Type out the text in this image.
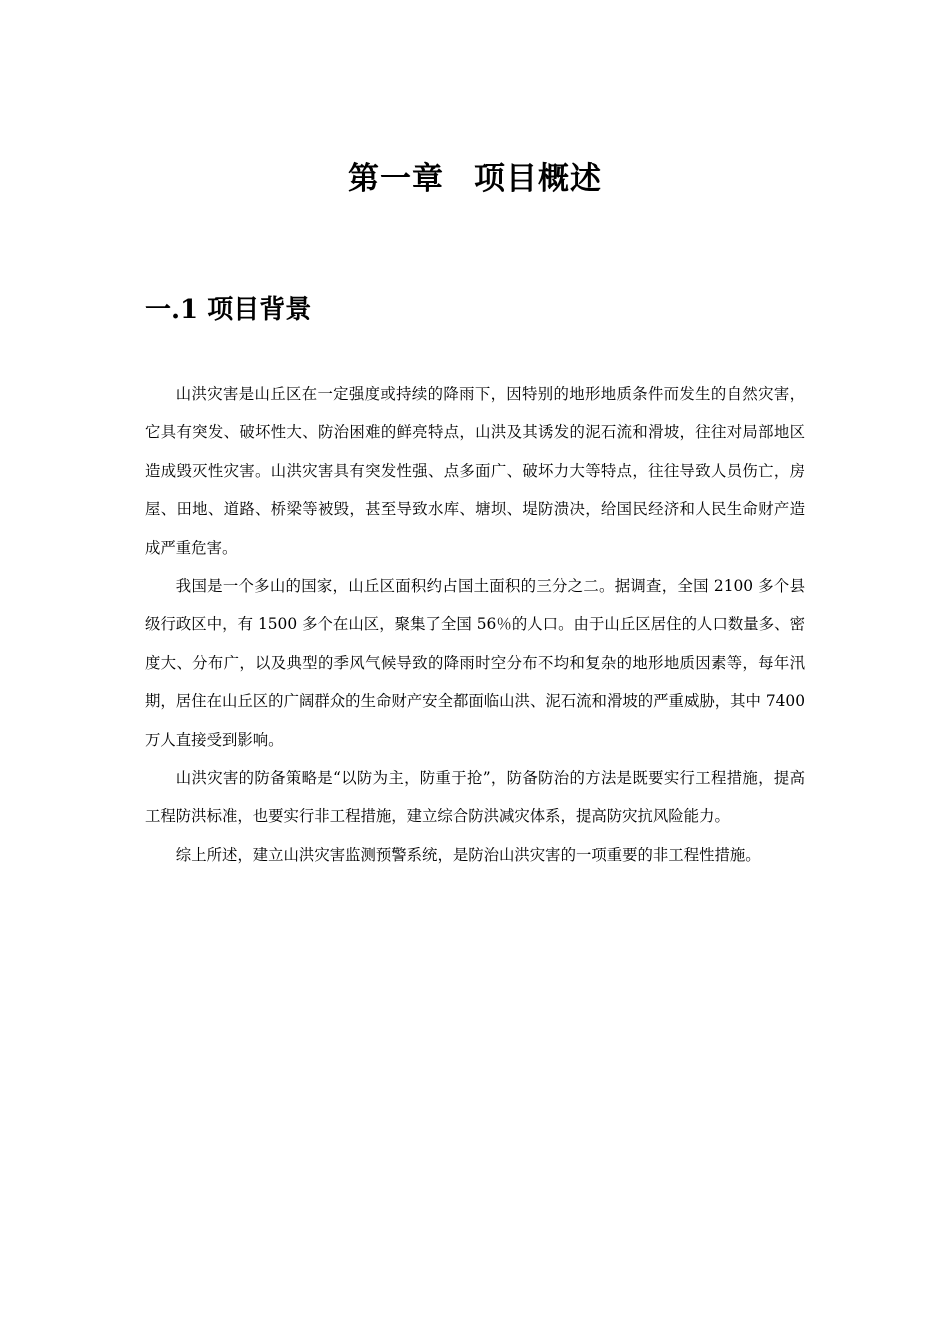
第一章 项目概述
一.1 项目背景

山洪灾害是山丘区在一定强度或持续的降雨下，因特别的地形地质条件而发生的自然灾害，它具有突发、破坏性大、防治困难的鲜亮特点，山洪及其诱发的泥石流和滑坡，往往对局部地区造成毁灭性灾害。山洪灾害具有突发性强、点多面广、破坏力大等特点，往往导致人员伤亡，房屋、田地、道路、桥梁等被毁，甚至导致水库、塘坝、堤防溃决，给国民经济和人民生命财产造成严重危害。

我国是一个多山的国家，山丘区面积约占国土面积的三分之二。据调查，全国 2100 多个县级行政区中，有 1500 多个在山区，聚集了全国 56％的人口。由于山丘区居住的人口数量多、密度大、分布广，以及典型的季风气候导致的降雨时空分布不均和复杂的地形地质因素等，每年汛期，居住在山丘区的广阔群众的生命财产安全都面临山洪、泥石流和滑坡的严重威胁，其中 7400 万人直接受到影响。

山洪灾害的防备策略是“以防为主，防重于抢”，防备防治的方法是既要实行工程措施，提高工程防洪标准，也要实行非工程措施，建立综合防洪减灾体系，提高防灾抗风险能力。

综上所述，建立山洪灾害监测预警系统，是防治山洪灾害的一项重要的非工程性措施。
